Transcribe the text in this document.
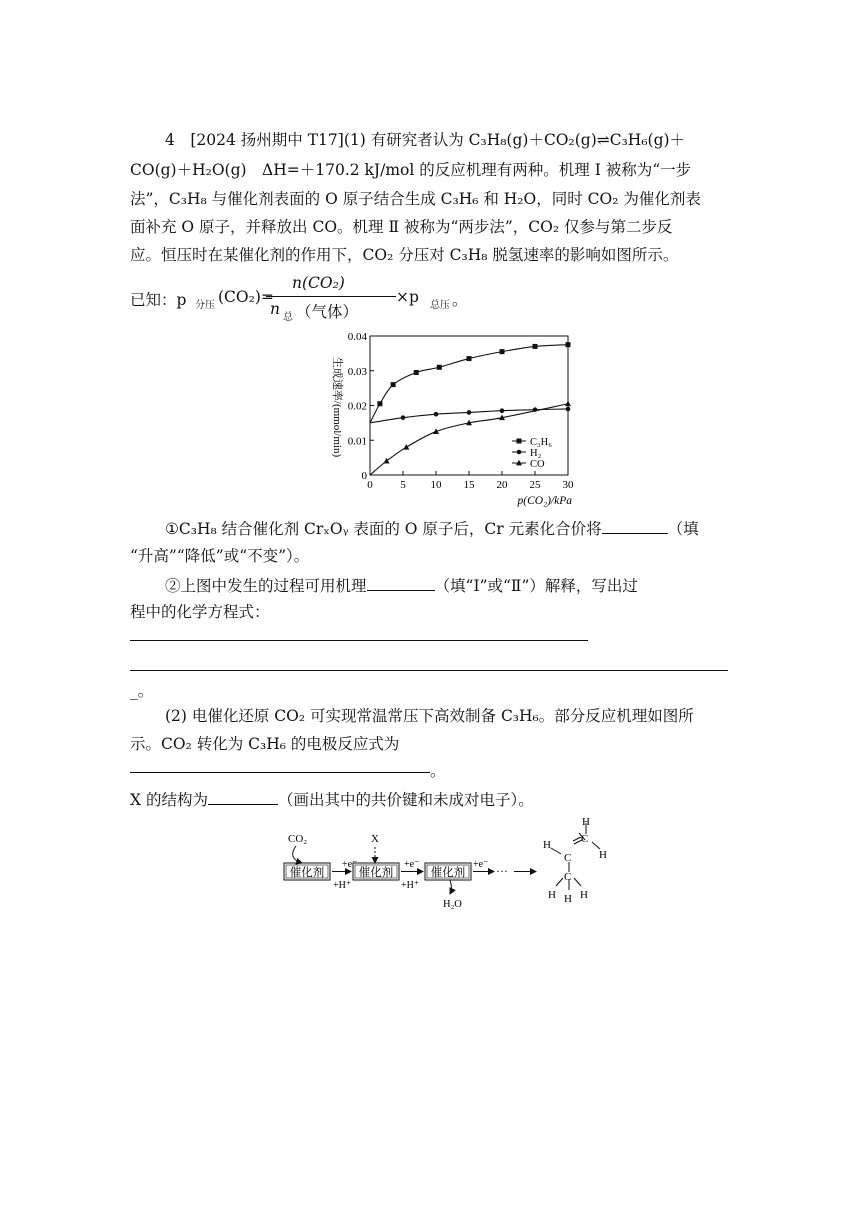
4　[2024 扬州期中 T17](1) 有研究者认为 C₃H₈(g)＋CO₂(g)⇌C₃H₆(g)＋
CO(g)＋H₂O(g)　ΔH=＋170.2 kJ/mol 的反应机理有两种。机理 Ⅰ 被称为“一步
法”，C₃H₈ 与催化剂表面的 O 原子结合生成 C₃H₆ 和 H₂O，同时 CO₂ 为催化剂表
面补充 O 原子，并释放出 CO。机理 Ⅱ 被称为“两步法”，CO₂ 仅参与第二步反
应。恒压时在某催化剂的作用下，CO₂ 分压对 C₃H₈ 脱氢速率的影响如图所示。
已知：p 分压 (CO₂)=
n(CO₂)
n 总 （气体）
×p 总压 。
生成速率/(mmol/min)
0	5 10 15 20 25 30
0
0.01
0.02
0.03
0.04
C₃H₆
H₂
CO
p(CO₂)/kPa
①C₃H₈ 结合催化剂 CrₓOᵧ 表面的 O 原子后，Cr 元素化合价将	（填
“升高”“降低”或“不变”）。
②上图中发生的过程可用机理	（填“Ⅰ”或“Ⅱ”）解释，写出过
程中的化学方程式：
_。
(2) 电催化还原 CO₂ 可实现常温常压下高效制备 C₃H₆。部分反应机理如图所
示。CO₂ 转化为 C₃H₆ 的电极反应式为
。
X 的结构为	（画出其中的共价键和未成对电子）。
CO₂	X
催化剂
+e⁻
+H⁺
催化剂
+e⁻
+H⁺
催化剂
H₂O
+e⁻ ···
H
C
H
H
C
C
H H H
